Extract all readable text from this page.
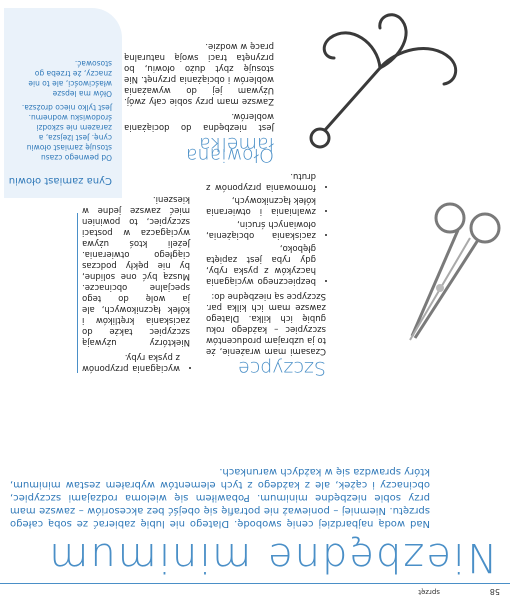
58
sprzęt
Niezbędne minimum
Nad wodą najbardziej cenię swobodę. Dlatego nie lubię zabierać ze sobą całego sprzętu. Niemniej – ponieważ nie potrafię się obejść bez akcesoriów – zawsze mam przy sobie niezbędne minimum. Pobawiłem się wieloma rodzajami szczypiec, obcinaczy i cążek, ale z każdego z tych elementów wybrałem zestaw minimum, który sprawdza się w każdych warunkach.
Szczypce

Czasami mam wrażenie, że to ja uzbrajam producentów szczypiec – każdego roku gubię ich kilka. Dlatego zawsze mam ich kilka par. Szczypce są niezbędne do:

• bezpiecznego wyciągania haczyków z pyska ryby, gdy ryba jest zapięta głęboko,
• zaciskania obciążenia, ołowianych śrucin,
• zwalniania i otwierania kółek łącznikowych,
• formowania przyponów z drutu.
• wyciągania przyponów z pyska ryby.

Niektórzy używają szczypiec także do zaciskania krętlików i kółek łącznikowych, ale ja wolę do tego specjalne obcinacze. Muszą być one solidne, by nie pękły podczas ciągłego otwierania. Jeżeli ktoś używa wyciągacza w postaci szczypiec, to powinien mieć zawsze jedne w kieszeni.

Ołowiana łamelka

Jest niezbędna do dociążania woblerów.

Zawsze mam przy sobie cały zwój. Używam jej do wyważania woblerów i obciążania przynęt. Nie stosuję zbyt dużo ołowiu, bo przynęta traci swoją naturalną pracę w wodzie.

Cyna zamiast ołowiu

Od pewnego czasu stosuję zamiast ołowiu cynę. Jest lżejsza, a zarazem nie szkodzi środowisku wodnemu. Jest tylko nieco droższa.

Ołów ma lepsze właściwości, ale to nie znaczy, że trzeba go stosować.
